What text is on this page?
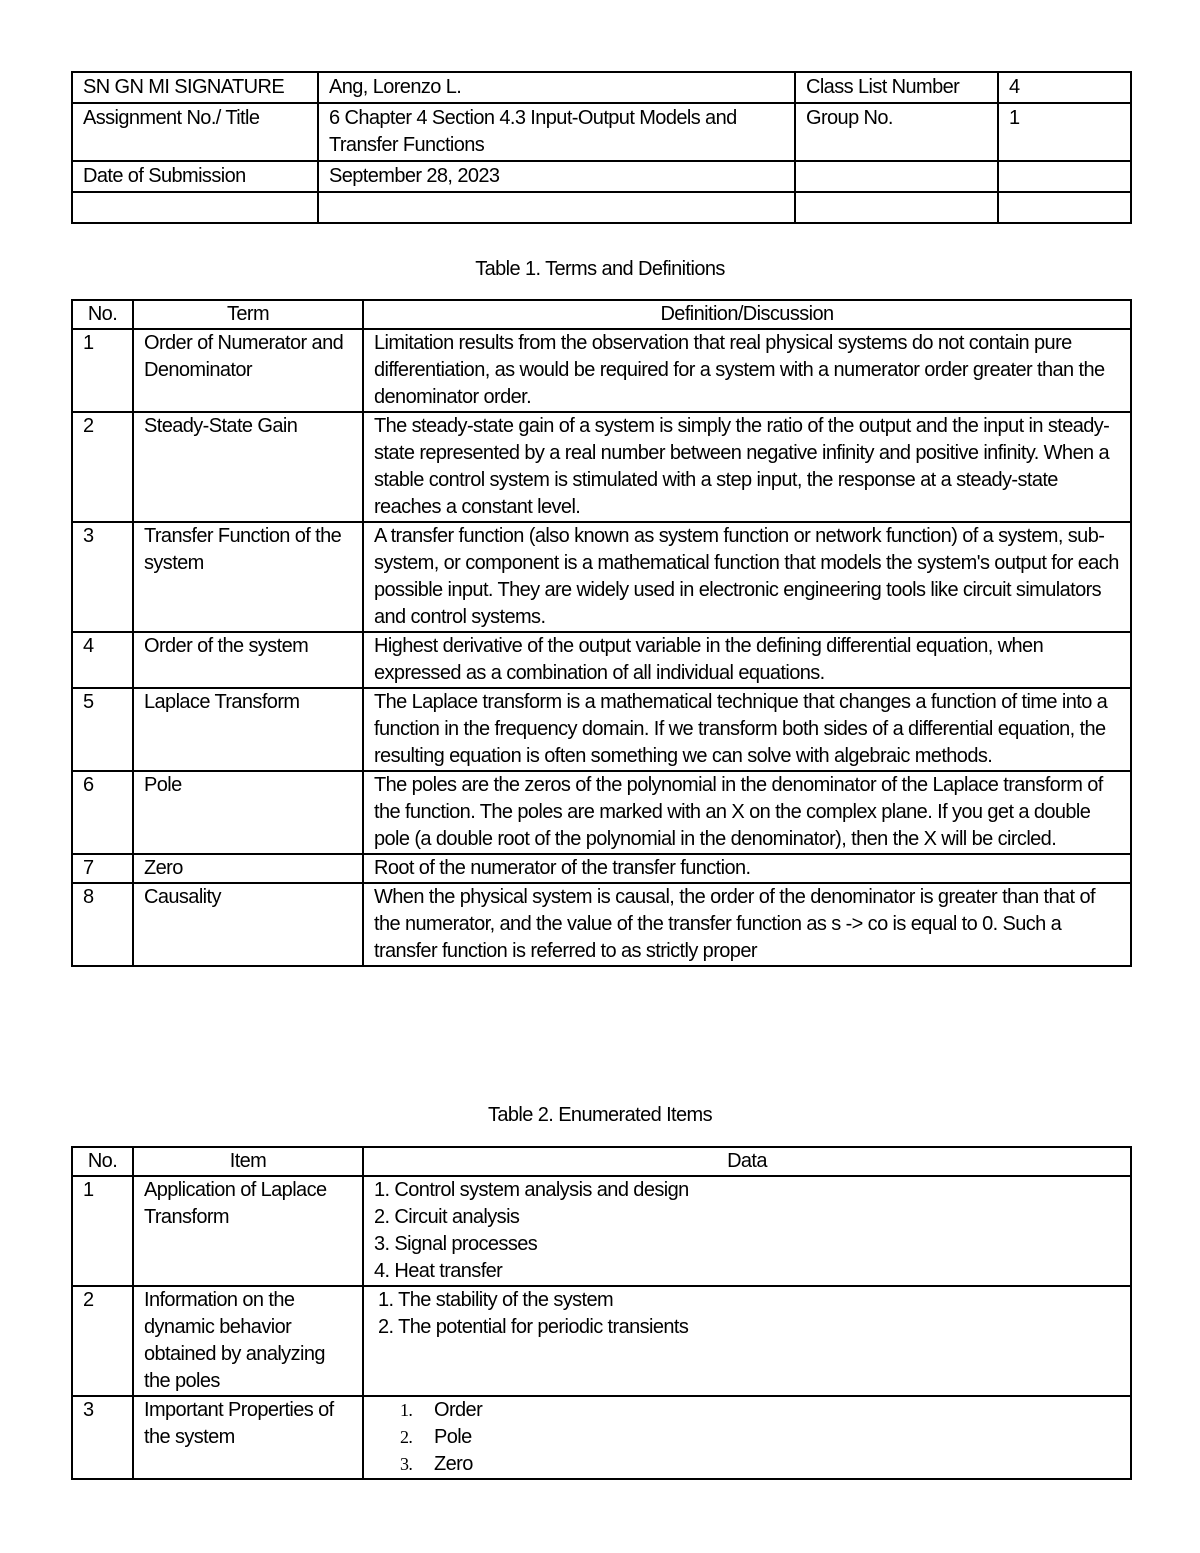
SN GN MI SIGNATURE	Ang, Lorenzo L.	Class List Number	4
Assignment No./ Title	6 Chapter 4 Section 4.3 Input-Output Models and Transfer Functions	Group No.	1
Date of Submission	September 28, 2023		

Table 1. Terms and Definitions
No.	Term	Definition/Discussion
1	Order of Numerator and Denominator	Limitation results from the observation that real physical systems do not contain pure differentiation, as would be required for a system with a numerator order greater than the denominator order.
2	Steady-State Gain	The steady-state gain of a system is simply the ratio of the output and the input in steady-state represented by a real number between negative infinity and positive infinity. When a stable control system is stimulated with a step input, the response at a steady-state reaches a constant level.
3	Transfer Function of the system	A transfer function (also known as system function or network function) of a system, sub-system, or component is a mathematical function that models the system's output for each possible input. They are widely used in electronic engineering tools like circuit simulators and control systems.
4	Order of the system	Highest derivative of the output variable in the defining differential equation, when expressed as a combination of all individual equations.
5	Laplace Transform	The Laplace transform is a mathematical technique that changes a function of time into a function in the frequency domain. If we transform both sides of a differential equation, the resulting equation is often something we can solve with algebraic methods.
6	Pole	The poles are the zeros of the polynomial in the denominator of the Laplace transform of the function. The poles are marked with an X on the complex plane. If you get a double pole (a double root of the polynomial in the denominator), then the X will be circled.
7	Zero	Root of the numerator of the transfer function.
8	Causality	When the physical system is causal, the order of the denominator is greater than that of the numerator, and the value of the transfer function as s -> co is equal to 0. Such a transfer function is referred to as strictly proper
Table 2. Enumerated Items
No.	Item	Data
1	Application of Laplace Transform	1. Control system analysis and design
2. Circuit analysis
3. Signal processes
4. Heat transfer

2	Information on the dynamic behavior obtained by analyzing the poles	1. The stability of the system
2. The potential for periodic transients

3	Important Properties of the system	1. Order
2. Pole
3. Zero
